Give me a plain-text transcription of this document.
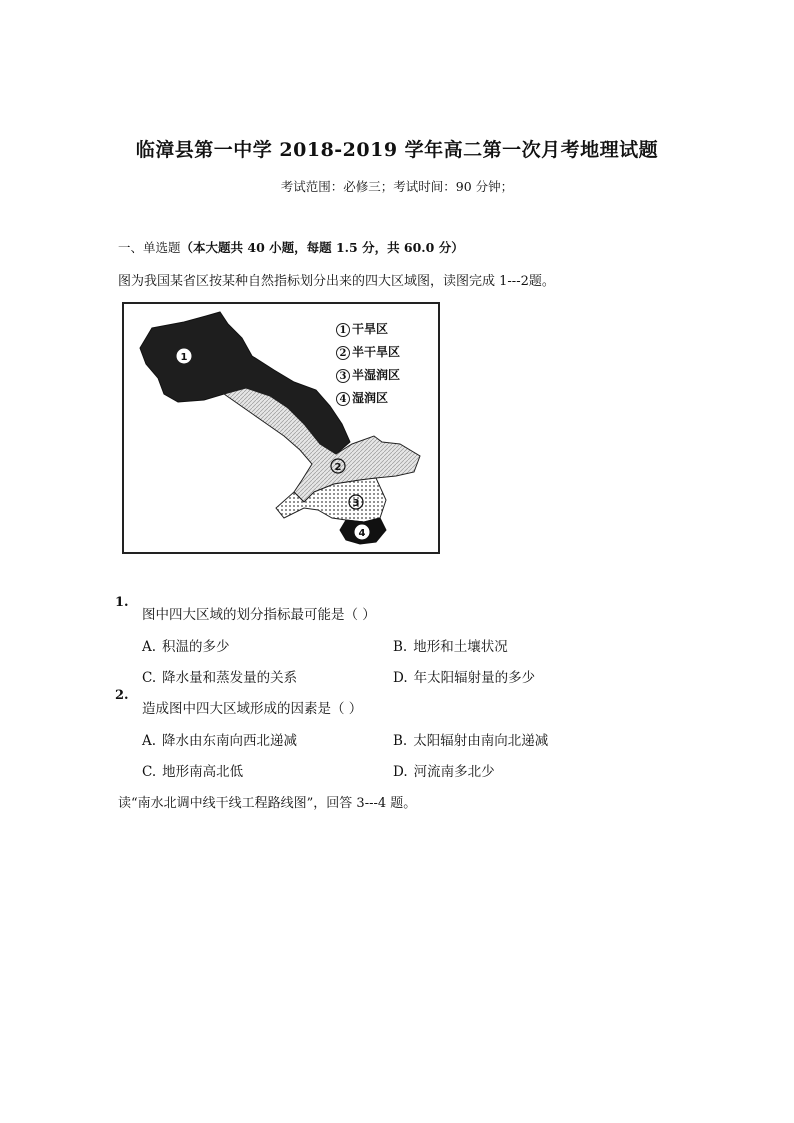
临漳县第一中学 2018-2019 学年高二第一次月考地理试题
考试范围：必修三；考试时间：90 分钟；
一、单选题（本大题共 40 小题，每题 1.5 分，共 60.0 分）
图为我国某省区按某种自然指标划分出来的四大区域图，读图完成 1---2题。
1
2
3
4
1 干旱区
2 半干旱区
3 半湿润区
4 湿润区
1.
图中四大区域的划分指标最可能是（ ）
A. 积温的多少	B. 地形和土壤状况
C. 降水量和蒸发量的关系	D. 年太阳辐射量的多少
2.
造成图中四大区域形成的因素是（ ）
A. 降水由东南向西北递减	B. 太阳辐射由南向北递减
C. 地形南高北低	D. 河流南多北少
读“南水北调中线干线工程路线图”，回答 3---4 题。
